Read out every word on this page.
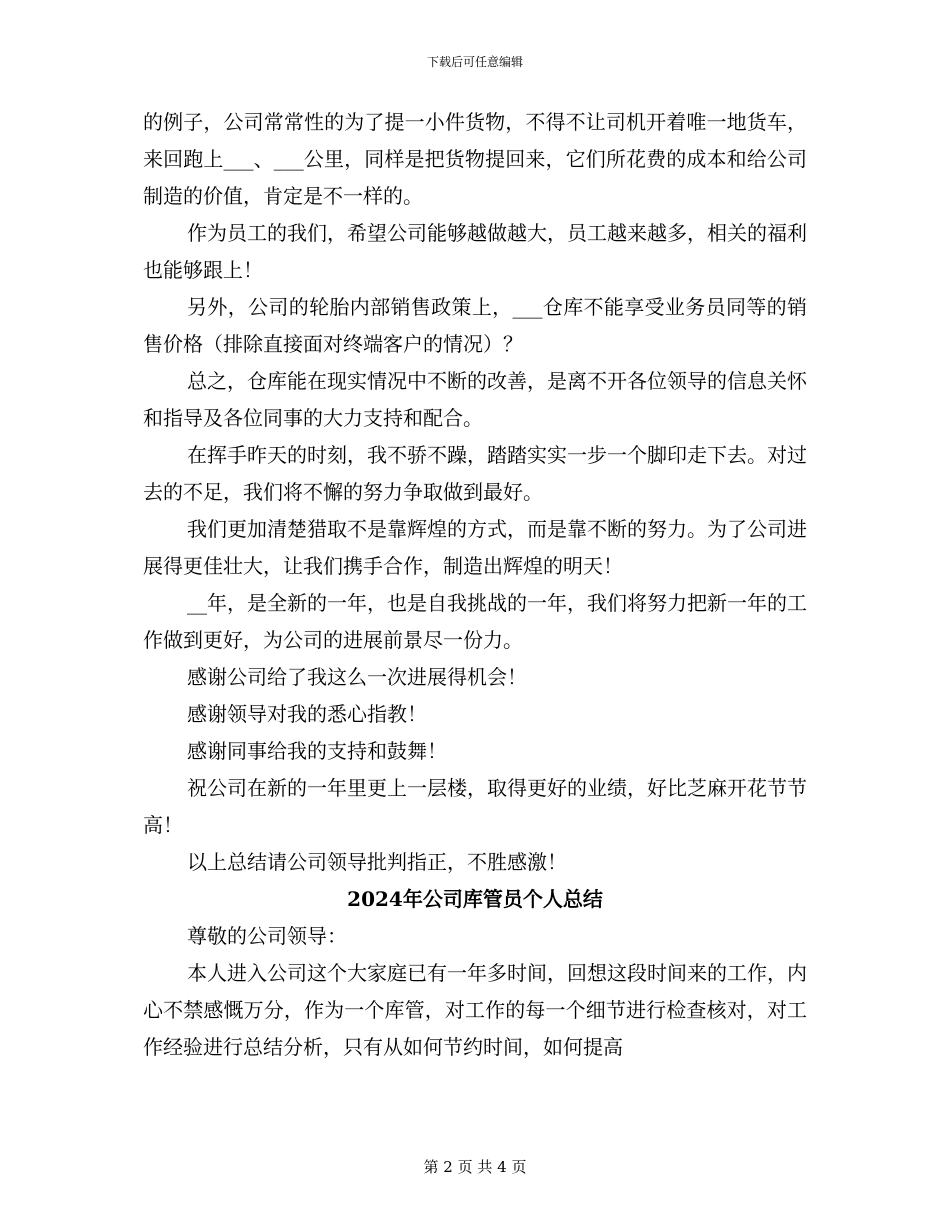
下载后可任意编辑

的例子，公司常常性的为了提一小件货物，不得不让司机开着唯一地货车，来回跑上___、___公里，同样是把货物提回来，它们所花费的成本和给公司制造的价值，肯定是不一样的。

作为员工的我们，希望公司能够越做越大，员工越来越多，相关的福利也能够跟上！

另外，公司的轮胎内部销售政策上，___仓库不能享受业务员同等的销售价格（排除直接面对终端客户的情况）？

总之，仓库能在现实情况中不断的改善，是离不开各位领导的信息关怀和指导及各位同事的大力支持和配合。

在挥手昨天的时刻，我不骄不躁，踏踏实实一步一个脚印走下去。对过去的不足，我们将不懈的努力争取做到最好。

我们更加清楚猎取不是靠辉煌的方式，而是靠不断的努力。为了公司进展得更佳壮大，让我们携手合作，制造出辉煌的明天！

__年，是全新的一年，也是自我挑战的一年，我们将努力把新一年的工作做到更好，为公司的进展前景尽一份力。

感谢公司给了我这么一次进展得机会！

感谢领导对我的悉心指教！

感谢同事给我的支持和鼓舞！

祝公司在新的一年里更上一层楼，取得更好的业绩，好比芝麻开花节节高！

以上总结请公司领导批判指正，不胜感激！

2024年公司库管员个人总结

尊敬的公司领导：

本人进入公司这个大家庭已有一年多时间，回想这段时间来的工作，内心不禁感慨万分，作为一个库管，对工作的每一个细节进行检查核对，对工作经验进行总结分析，只有从如何节约时间，如何提高

第 2 页 共 4 页
